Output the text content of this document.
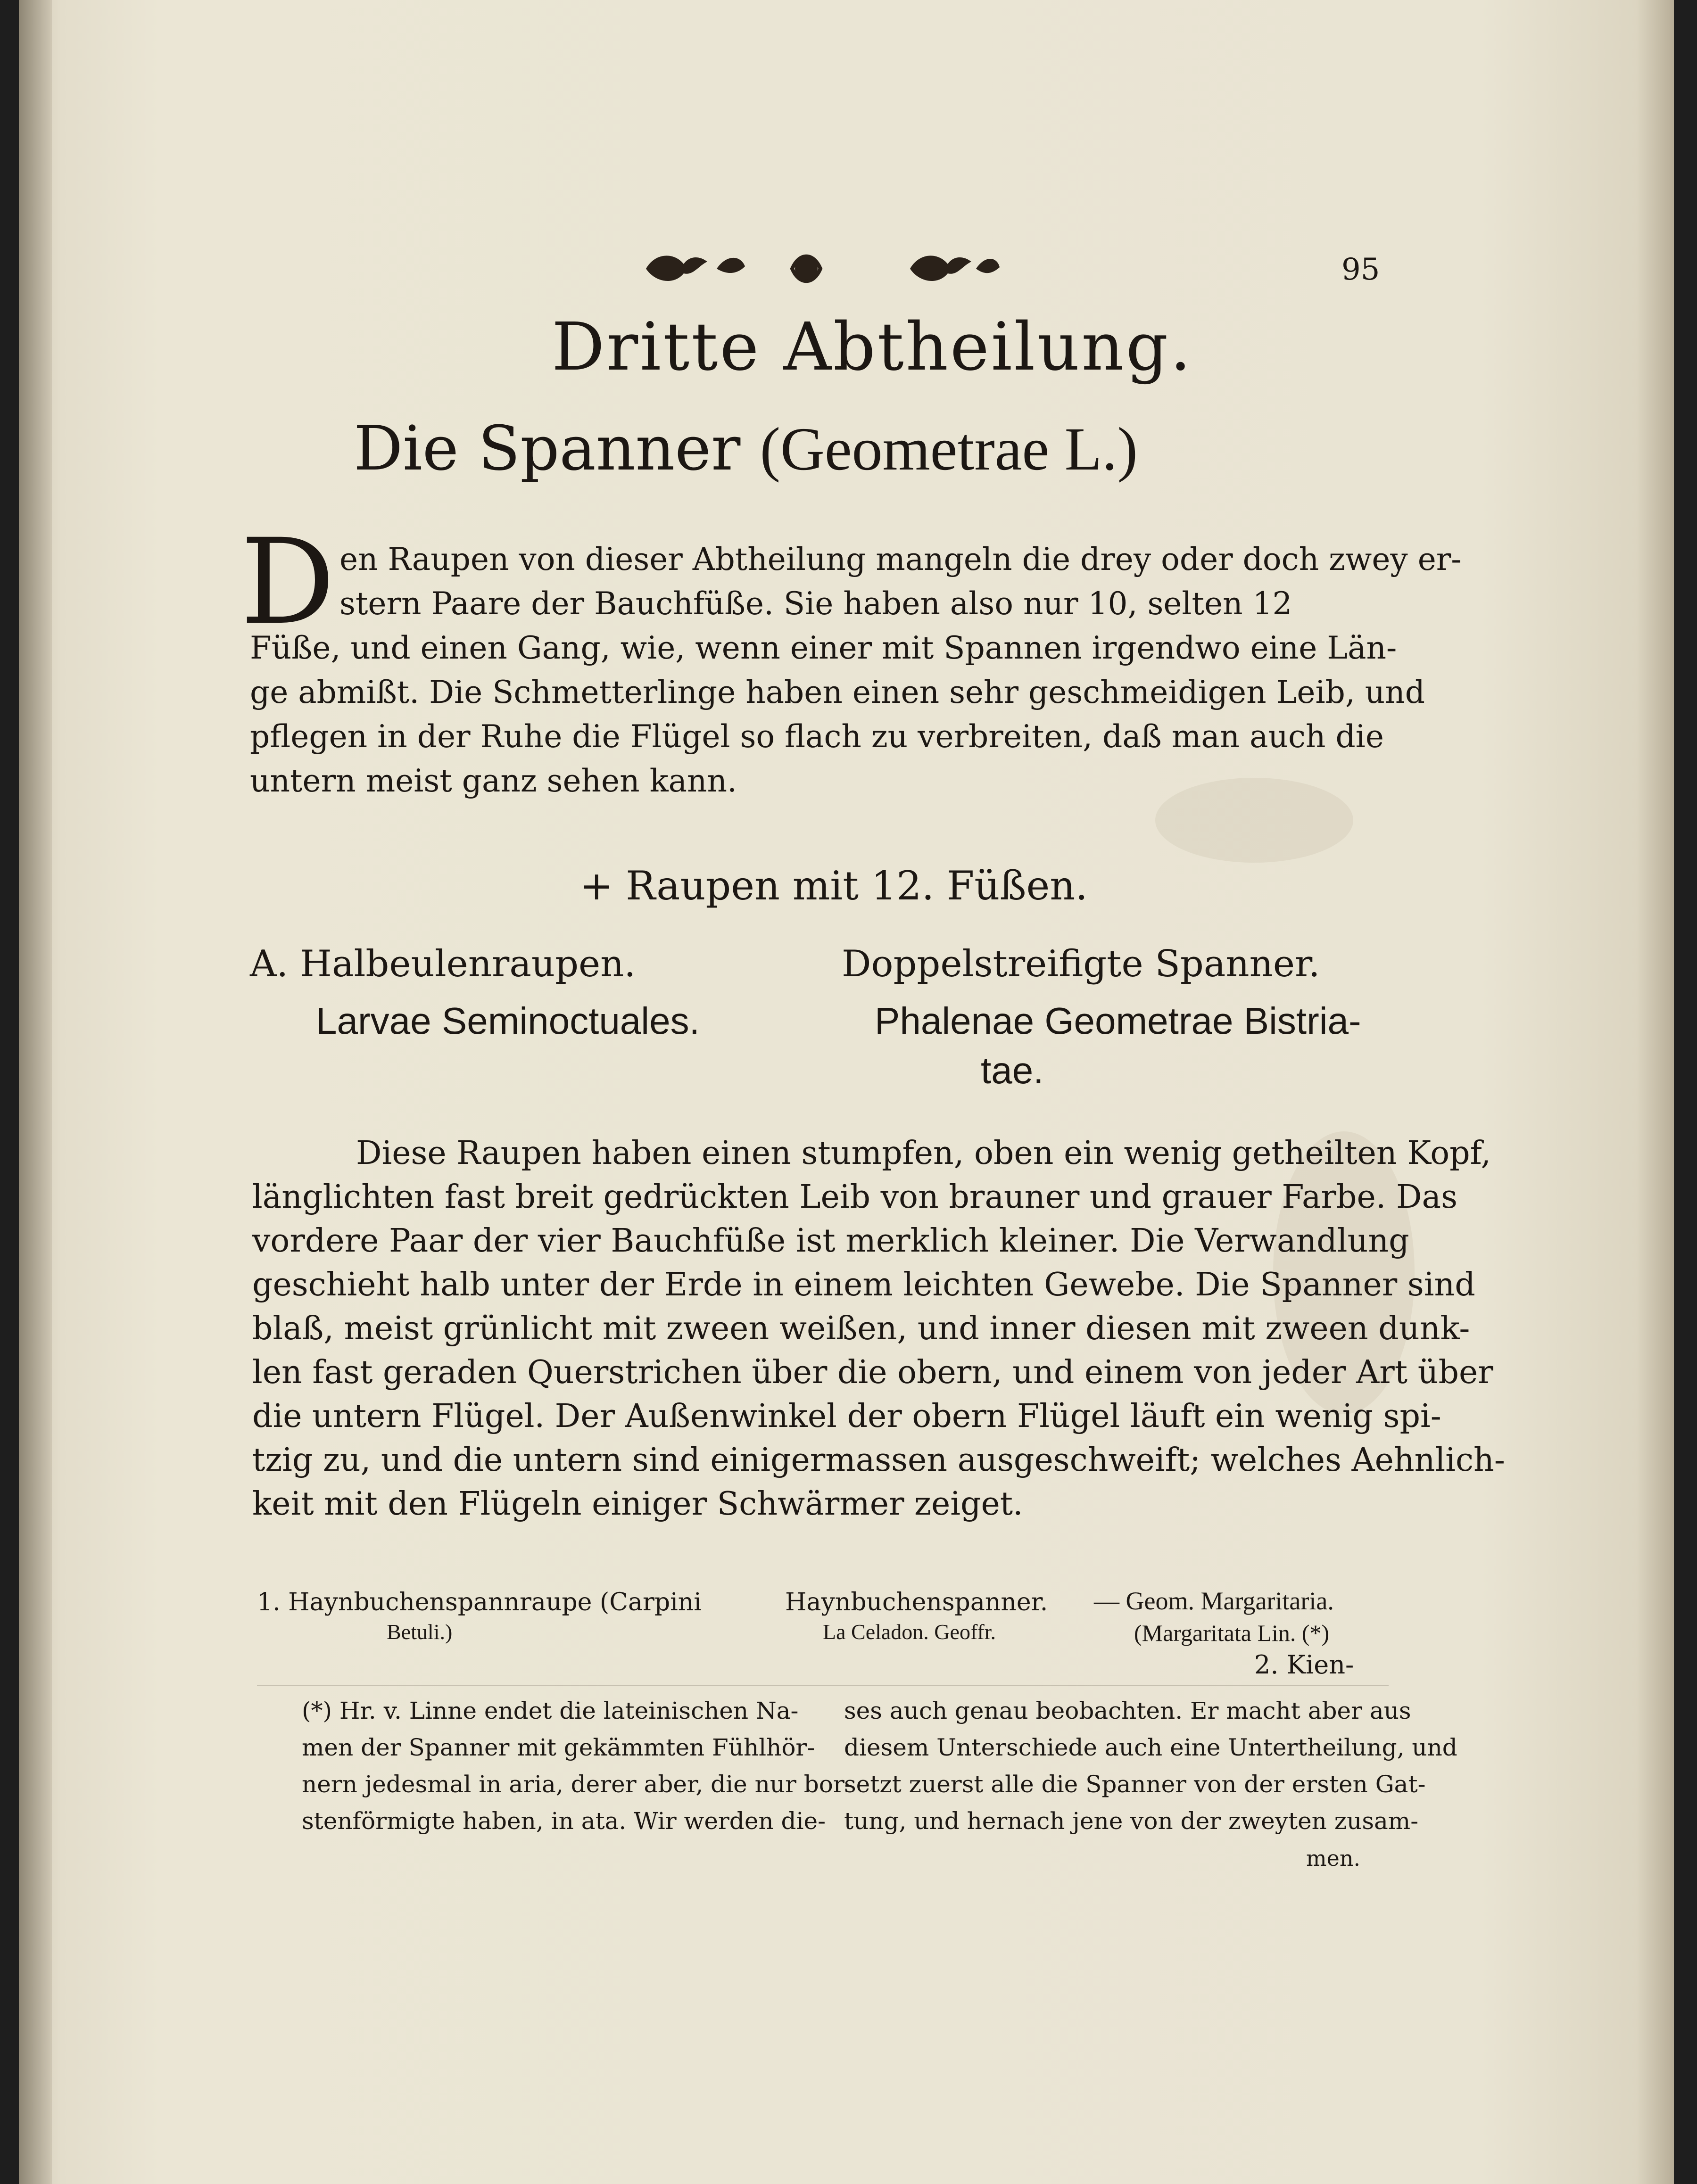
95
Dritte Abtheilung.
Die Spanner (Geometrae L.)
D en Raupen von dieser Abtheilung mangeln die drey oder doch zwey er-
stern Paare der Bauchfüße. Sie haben also nur 10, selten 12
Füße, und einen Gang, wie, wenn einer mit Spannen irgendwo eine Län-
ge abmißt. Die Schmetterlinge haben einen sehr geschmeidigen Leib, und
pflegen in der Ruhe die Flügel so flach zu verbreiten, daß man auch die
untern meist ganz sehen kann.
+ Raupen mit 12. Füßen.
A. Halbeulenraupen.
Larvae Seminoctuales.
Doppelstreifigte Spanner.
Phalenae Geometrae Bistria-
tae.
Diese Raupen haben einen stumpfen, oben ein wenig getheilten Kopf,
länglichten fast breit gedrückten Leib von brauner und grauer Farbe. Das
vordere Paar der vier Bauchfüße ist merklich kleiner. Die Verwandlung
geschieht halb unter der Erde in einem leichten Gewebe. Die Spanner sind
blaß, meist grünlicht mit zween weißen, und inner diesen mit zween dunk-
len fast geraden Querstrichen über die obern, und einem von jeder Art über
die untern Flügel. Der Außenwinkel der obern Flügel läuft ein wenig spi-
tzig zu, und die untern sind einigermassen ausgeschweift; welches Aehnlich-
keit mit den Flügeln einiger Schwärmer zeiget.
1. Haynbuchenspannraupe (Carpini
Betuli.)
Haynbuchenspanner.
La Celadon. Geoffr.
— Geom. Margaritaria.
(Margaritata Lin. (*)
2. Kien-
(*) Hr. v. Linne endet die lateinischen Na-
men der Spanner mit gekämmten Fühlhör-
nern jedesmal in aria, derer aber, die nur bor-
stenförmigte haben, in ata. Wir werden die-
ses auch genau beobachten. Er macht aber aus
diesem Unterschiede auch eine Untertheilung, und
setzt zuerst alle die Spanner von der ersten Gat-
tung, und hernach jene von der zweyten zusam-
men.
